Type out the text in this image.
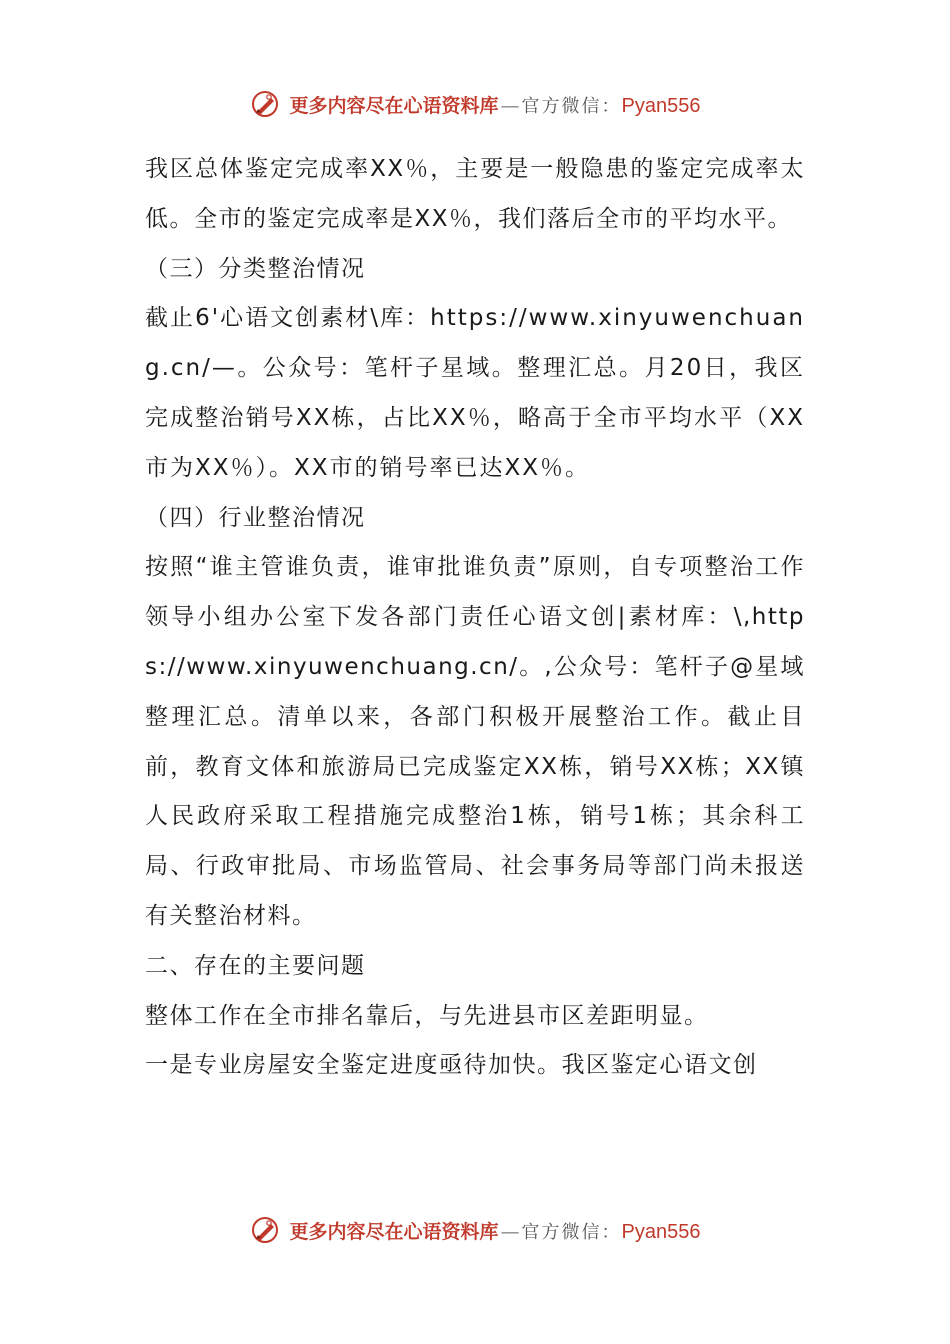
更多内容尽在心语资料库 — 官方微信： Pyan556

我区总体鉴定完成率XX％，主要是一般隐患的鉴定完成率太低。全市的鉴定完成率是XX％，我们落后全市的平均水平。

（三）分类整治情况

截止6'心语文创素材\库：https://www.xinyuwenchuang.cn/—。公众号：笔杆子星域。整理汇总。月20日，我区完成整治销号XX栋，占比XX％，略高于全市平均水平（XX市为XX％）。XX市的销号率已达XX％。

（四）行业整治情况

按照“谁主管谁负责，谁审批谁负责”原则，自专项整治工作领导小组办公室下发各部门责任心语文创|素材库：\,https://www.xinyuwenchuang.cn/。,公众号：笔杆子@星域整理汇总。清单以来，各部门积极开展整治工作。截止目前，教育文体和旅游局已完成鉴定XX栋，销号XX栋；XX镇人民政府采取工程措施完成整治1栋，销号1栋；其余科工局、行政审批局、市场监管局、社会事务局等部门尚未报送有关整治材料。

二、存在的主要问题

整体工作在全市排名靠后，与先进县市区差距明显。

一是专业房屋安全鉴定进度亟待加快。我区鉴定心语文创

更多内容尽在心语资料库 — 官方微信： Pyan556
